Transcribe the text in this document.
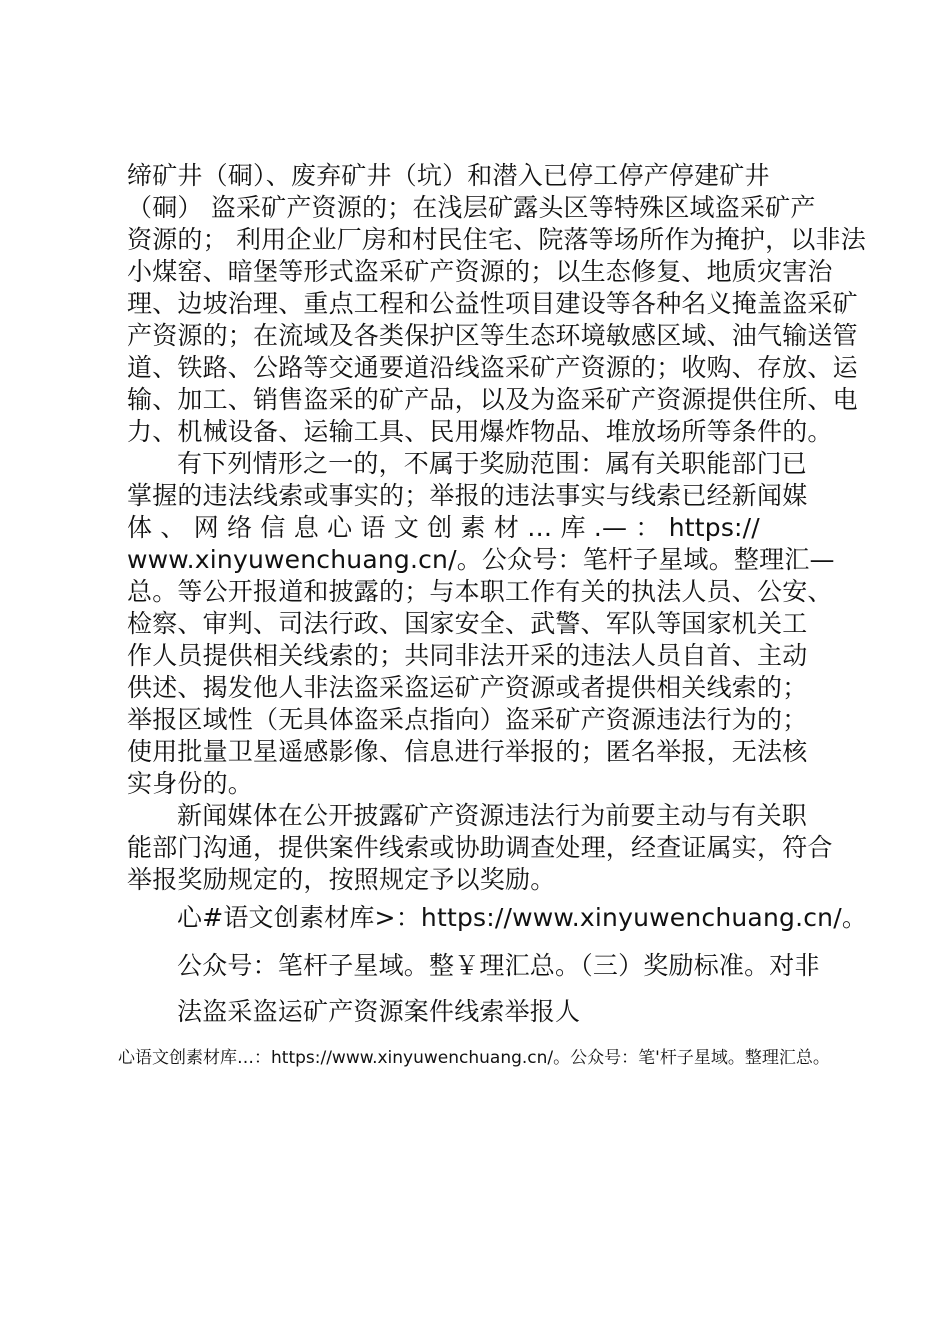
缔矿井（硐）、废弃矿井（坑）和潜入已停工停产停建矿井
（硐） 盗采矿产资源的；在浅层矿露头区等特殊区域盗采矿产
资源的； 利用企业厂房和村民住宅、院落等场所作为掩护，以非法
小煤窑、暗堡等形式盗采矿产资源的；以生态修复、地质灾害治
理、边坡治理、重点工程和公益性项目建设等各种名义掩盖盗采矿
产资源的；在流域及各类保护区等生态环境敏感区域、油气输送管
道、铁路、公路等交通要道沿线盗采矿产资源的；收购、存放、运
输、加工、销售盗采的矿产品，以及为盗采矿产资源提供住所、电
力、机械设备、运输工具、民用爆炸物品、堆放场所等条件的。
有下列情形之一的，不属于奖励范围：属有关职能部门已
掌握的违法线索或事实的；举报的违法事实与线索已经新闻媒
体 、 网 络 信 息 心 语 文 创 素 材 … 库 .— ： https://
www.xinyuwenchuang.cn/。公众号：笔杆子星域。整理汇—
总。等公开报道和披露的；与本职工作有关的执法人员、公安、
检察、审判、司法行政、国家安全、武警、军队等国家机关工
作人员提供相关线索的；共同非法开采的违法人员自首、主动
供述、揭发他人非法盗采盗运矿产资源或者提供相关线索的；
举报区域性（无具体盗采点指向）盗采矿产资源违法行为的；
使用批量卫星遥感影像、信息进行举报的；匿名举报，无法核
实身份的。
新闻媒体在公开披露矿产资源违法行为前要主动与有关职
能部门沟通，提供案件线索或协助调查处理，经查证属实，符合
举报奖励规定的，按照规定予以奖励。
心#语文创素材库>：https://www.xinyuwenchuang.cn/。
公众号：笔杆子星域。整￥理汇总。（三）奖励标准。对非
法盗采盗运矿产资源案件线索举报人
心语文创素材库…：https://www.xinyuwenchuang.cn/。公众号：笔'杆子星域。整理汇总。
